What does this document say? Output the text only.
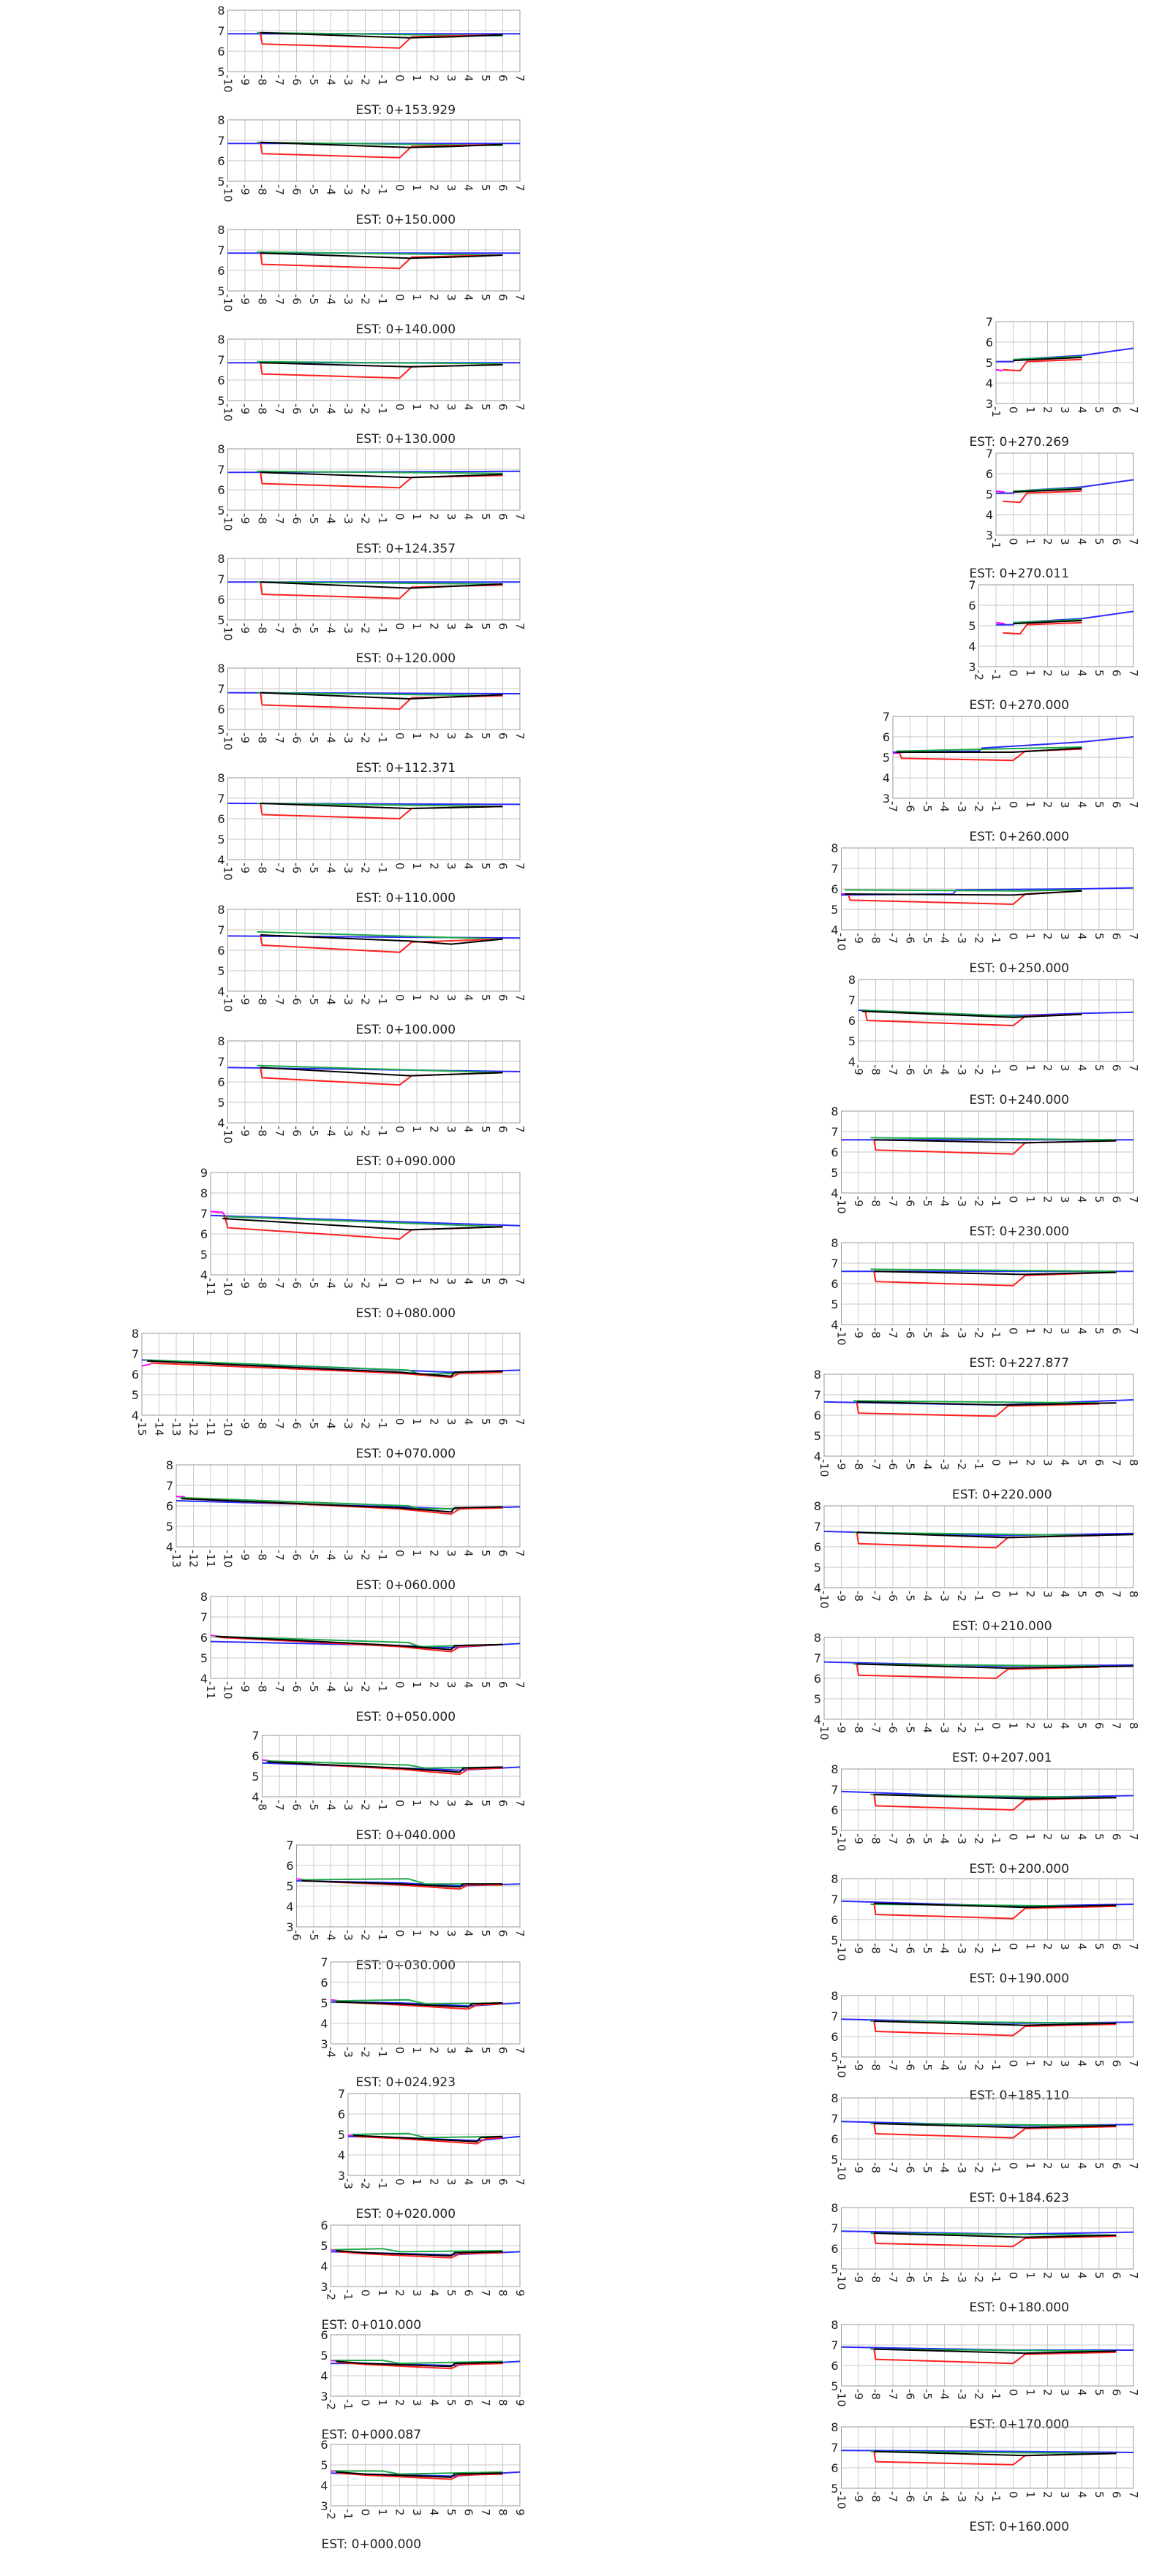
5
6
7
8
-10 -9 -8 -7 -6 -5 -4 -3 -2 -1 0 1 2 3 4 5 6 7
EST: 0+153.929
5
6
7
8
-10 -9 -8 -7 -6 -5 -4 -3 -2 -1 0 1 2 3 4 5 6 7
EST: 0+150.000
5
6
7
8
-10 -9 -8 -7 -6 -5 -4 -3 -2 -1 0 1 2 3 4 5 6 7
EST: 0+140.000
5
6
7
8
-10 -9 -8 -7 -6 -5 -4 -3 -2 -1 0 1 2 3 4 5 6 7
EST: 0+130.000
5
6
7
8
-10 -9 -8 -7 -6 -5 -4 -3 -2 -1 0 1 2 3 4 5 6 7
EST: 0+124.357
5
6
7
8
-10 -9 -8 -7 -6 -5 -4 -3 -2 -1 0 1 2 3 4 5 6 7
EST: 0+120.000
5
6
7
8
-10 -9 -8 -7 -6 -5 -4 -3 -2 -1 0 1 2 3 4 5 6 7
EST: 0+112.371
4
5
6
7
8
-10 -9 -8 -7 -6 -5 -4 -3 -2 -1 0 1 2 3 4 5 6 7
EST: 0+110.000
4
5
6
7
8
-10 -9 -8 -7 -6 -5 -4 -3 -2 -1 0 1 2 3 4 5 6 7
EST: 0+100.000
4
5
6
7
8
-10 -9 -8 -7 -6 -5 -4 -3 -2 -1 0 1 2 3 4 5 6 7
EST: 0+090.000
4
5
6
7
8
9
-11 -10 -9 -8 -7 -6 -5 -4 -3 -2 -1 0 1 2 3 4 5 6 7
EST: 0+080.000
4
5
6
7
8
-15 -14 -13 -12 -11 -10 -9 -8 -7 -6 -5 -4 -3 -2 -1 0 1 2 3 4 5 6 7
EST: 0+070.000
4
5
6
7
8
-13 -12 -11 -10 -9 -8 -7 -6 -5 -4 -3 -2 -1 0 1 2 3 4 5 6 7
EST: 0+060.000
4
5
6
7
8
-11 -10 -9 -8 -7 -6 -5 -4 -3 -2 -1 0 1 2 3 4 5 6 7
EST: 0+050.000
4
5
6
7
-8 -7 -6 -5 -4 -3 -2 -1 0 1 2 3 4 5 6 7
EST: 0+040.000
3
4
5
6
7
-6 -5 -4 -3 -2 -1 0 1 2 3 4 5 6 7
EST: 0+030.000
3
4
5
6
7
-4 -3 -2 -1 0 1 2 3 4 5 6 7
EST: 0+024.923
3
4
5
6
7
-3 -2 -1 0 1 2 3 4 5 6 7
EST: 0+020.000
3
4
5
6
-2 -1 0 1 2 3 4 5 6 7 8 9
EST: 0+010.000
3
4
5
6
-2 -1 0 1 2 3 4 5 6 7 8 9
EST: 0+000.087
3
4
5
6
-2 -1 0 1 2 3 4 5 6 7 8 9
EST: 0+000.000
3
4
5
6
7
-1 0 1 2 3 4 5 6 7
EST: 0+270.269
3
4
5
6
7
-1 0 1 2 3 4 5 6 7
EST: 0+270.011
3
4
5
6
7
-2 -1 0 1 2 3 4 5 6 7
EST: 0+270.000
3
4
5
6
7
-7 -6 -5 -4 -3 -2 -1 0 1 2 3 4 5 6 7
EST: 0+260.000
4
5
6
7
8
-10 -9 -8 -7 -6 -5 -4 -3 -2 -1 0 1 2 3 4 5 6 7
EST: 0+250.000
4
5
6
7
8
-9 -8 -7 -6 -5 -4 -3 -2 -1 0 1 2 3 4 5 6 7
EST: 0+240.000
4
5
6
7
8
-10 -9 -8 -7 -6 -5 -4 -3 -2 -1 0 1 2 3 4 5 6 7
EST: 0+230.000
4
5
6
7
8
-10 -9 -8 -7 -6 -5 -4 -3 -2 -1 0 1 2 3 4 5 6 7
EST: 0+227.877
4
5
6
7
8
-10 -9 -8 -7 -6 -5 -4 -3 -2 -1 0 1 2 3 4 5 6 7 8
EST: 0+220.000
4
5
6
7
8
-10 -9 -8 -7 -6 -5 -4 -3 -2 -1 0 1 2 3 4 5 6 7 8
EST: 0+210.000
4
5
6
7
8
-10 -9 -8 -7 -6 -5 -4 -3 -2 -1 0 1 2 3 4 5 6 7 8
EST: 0+207.001
5
6
7
8
-10 -9 -8 -7 -6 -5 -4 -3 -2 -1 0 1 2 3 4 5 6 7
EST: 0+200.000
5
6
7
8
-10 -9 -8 -7 -6 -5 -4 -3 -2 -1 0 1 2 3 4 5 6 7
EST: 0+190.000
5
6
7
8
-10 -9 -8 -7 -6 -5 -4 -3 -2 -1 0 1 2 3 4 5 6 7
EST: 0+185.110
5
6
7
8
-10 -9 -8 -7 -6 -5 -4 -3 -2 -1 0 1 2 3 4 5 6 7
EST: 0+184.623
5
6
7
8
-10 -9 -8 -7 -6 -5 -4 -3 -2 -1 0 1 2 3 4 5 6 7
EST: 0+180.000
5
6
7
8
-10 -9 -8 -7 -6 -5 -4 -3 -2 -1 0 1 2 3 4 5 6 7
EST: 0+170.000
5
6
7
8
-10 -9 -8 -7 -6 -5 -4 -3 -2 -1 0 1 2 3 4 5 6 7
EST: 0+160.000
